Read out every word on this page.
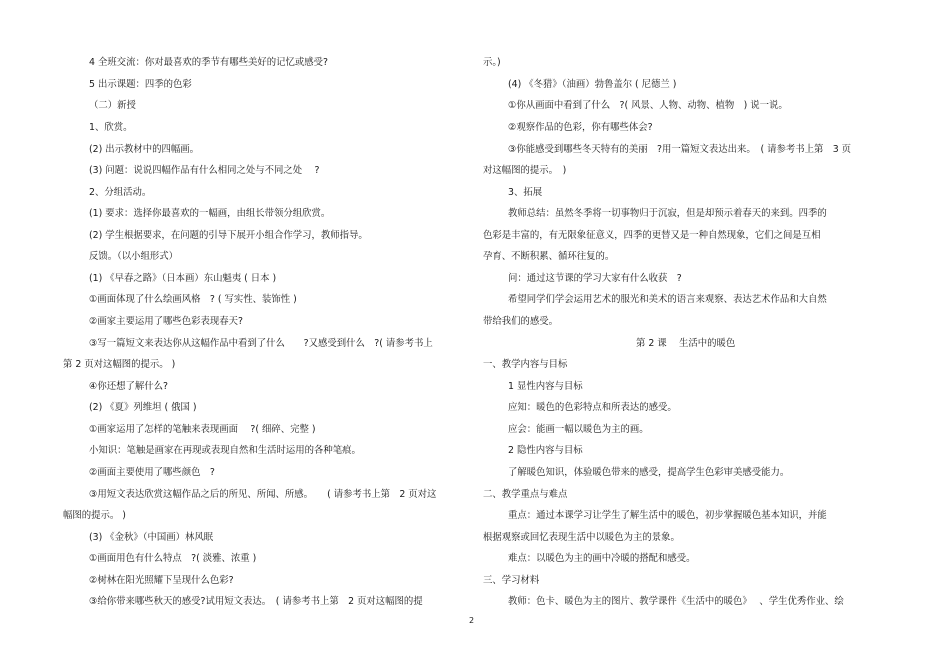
4 全班交流：你对最喜欢的季节有哪些美好的记忆或感受?
5 出示课题：四季的色彩
（二）新授
1、欣赏。
(2) 出示教材中的四幅画。
(3) 问题：说说四幅作品有什么相同之处与不同之处　 ?
2、分组活动。
(1) 要求：选择你最喜欢的一幅画，由组长带领分组欣赏。
(2) 学生根据要求，在问题的引导下展开小组合作学习，教师指导。
反馈。（以小组形式）
(1) 《早春之路》（日本画）东山魁夷 ( 日本 )
①画面体现了什么绘画风格　? ( 写实性、装饰性 )
②画家主要运用了哪些色彩表现春天?
③写一篇短文来表达你从这幅作品中看到了什么　　?又感受到什么　?( 请参考书上
第 2 页对这幅图的提示。 )
④你还想了解什么?
(2) 《夏》列维坦 ( 俄国 )
①画家运用了怎样的笔触来表现画面　 ?( 细碎、完整 )
小知识：笔触是画家在再现或表现自然和生活时运用的各种笔痕。
②画面主要使用了哪些颜色　?
③用短文表达欣赏这幅作品之后的所见、所闻、所感。　　( 请参考书上第　2 页对这
幅图的提示。 )
(3) 《金秋》（中国画）林风眠
①画面用色有什么特点　?( 淡雅、浓重 )
②树林在阳光照耀下呈现什么色彩?
③给你带来哪些秋天的感受?试用短文表达。　( 请参考书上第　2 页对这幅图的提
示。)
(4) 《冬猎》（油画）勃鲁盖尔 ( 尼德兰 )
①你从画面中看到了什么　?( 风景、人物、动物、植物　) 说一说。
②观察作品的色彩，你有哪些体会?
③你能感受到哪些冬天特有的美丽　?用一篇短文表达出来。　( 请参考书上第　3 页
对这幅图的提示。　)
3、拓展
教师总结：虽然冬季将一切事物归于沉寂，但是却预示着春天的来到。四季的
色彩是丰富的，有无限象征意义，四季的更替又是一种自然现象，它们之间是互相
孕育、不断积累、循环往复的。
问：通过这节课的学习大家有什么收获　?
希望同学们学会运用艺术的服光和美术的语言来观察、表达艺术作品和大自然
带给我们的感受。
第 2 课　 生活中的暖色
一、教学内容与目标
1 显性内容与目标
应知：暖色的色彩特点和所表达的感受。
应会：能画一幅以暖色为主的画。
2 隐性内容与目标
了解暖色知识，体验暖色带来的感受，提高学生色彩审美感受能力。
二、教学重点与难点
重点：通过本课学习让学生了解生活中的暖色，初步掌握暖色基本知识，并能
根据观察或回忆表现生活中以暖色为主的景象。
难点：以暖色为主的画中冷暖的搭配和感受。
三、学习材料
教师：色卡、暖色为主的图片、教学课件《生活中的暖色》　 、学生优秀作业、绘
2
